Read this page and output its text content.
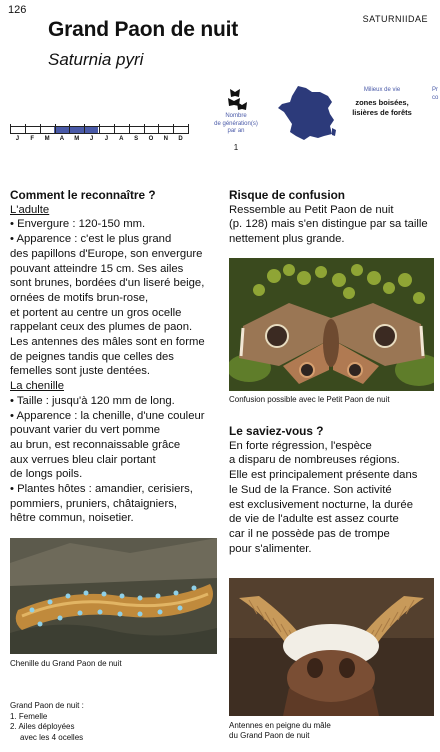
126
SATURNIIDAE
Grand Paon de nuit
Saturnia pyri
J	F	M	A	M	J	J	A	S	O	N	D
Nombre
de génération(s)
par an
1
Milieux de vie
zones boisées,
lisières de forêts
Pr
co
Comment le reconnaître ?
L'adulte
• Envergure : 120-150 mm.
• Apparence : c'est le plus grand
des papillons d'Europe, son envergure
pouvant atteindre 15 cm. Ses ailes
sont brunes, bordées d'un liseré beige,
ornées de motifs brun-rose,
et portent au centre un gros ocelle
rappelant ceux des plumes de paon.
Les antennes des mâles sont en forme
de peignes tandis que celles des
femelles sont juste dentées.
La chenille
• Taille : jusqu'à 120 mm de long.
• Apparence : la chenille, d'une couleur
pouvant varier du vert pomme
au brun, est reconnaissable grâce
aux verrues bleu clair portant
de longs poils.
• Plantes hôtes : amandier, cerisiers,
pommiers, pruniers, châtaigniers,
hêtre commun, noisetier.
Risque de confusion
Ressemble au Petit Paon de nuit
(p. 128) mais s'en distingue par sa taille
nettement plus grande.
Confusion possible avec le Petit Paon de nuit
Le saviez-vous ?
En forte régression, l'espèce
a disparu de nombreuses régions.
Elle est principalement présente dans
le Sud de la France. Son activité
est exclusivement nocturne, la durée
de vie de l'adulte est assez courte
car il ne possède pas de trompe
pour s'alimenter.
Chenille du Grand Paon de nuit
Antennes en peigne du mâle
du Grand Paon de nuit
Grand Paon de nuit :
1. Femelle
2. Ailes déployées
avec les 4 ocelles
